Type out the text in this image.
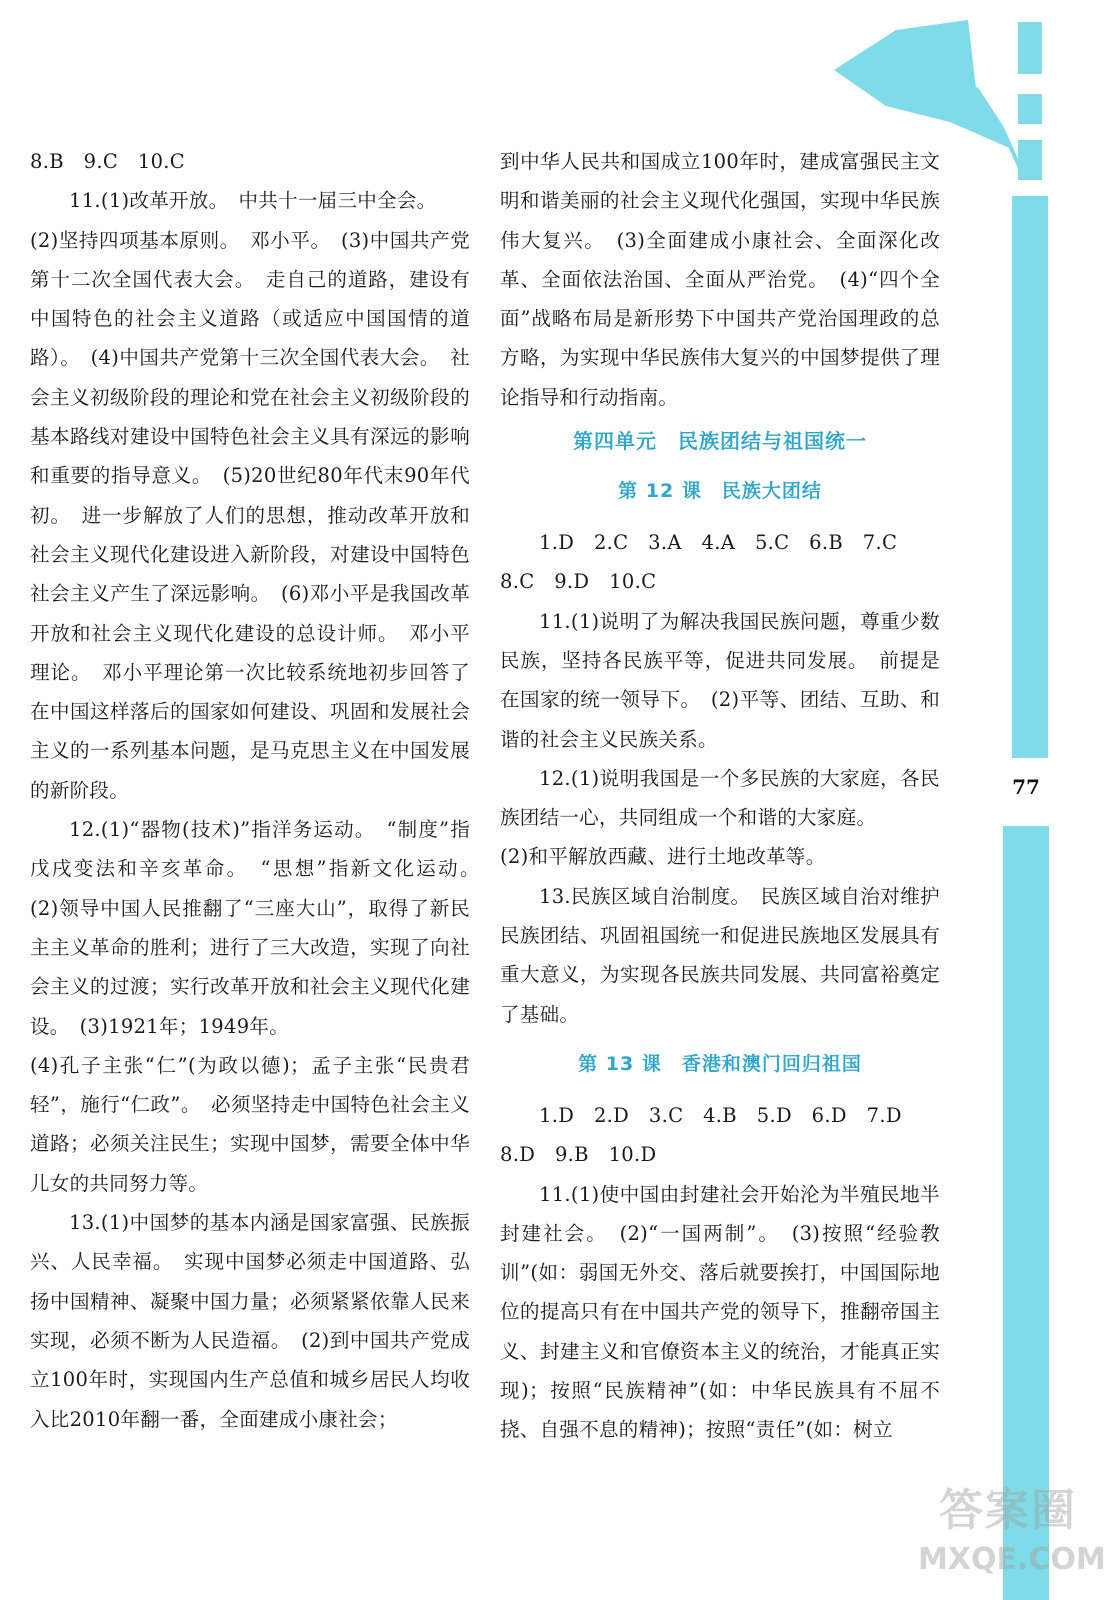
77

8.B　9.C　10.C

11.(1)改革开放。　中共十一届三中全会。

(2)坚持四项基本原则。　邓小平。　(3)中国共产党第十二次全国代表大会。　走自己的道路，建设有中国特色的社会主义道路（或适应中国国情的道路）。　(4)中国共产党第十三次全国代表大会。　社会主义初级阶段的理论和党在社会主义初级阶段的基本路线对建设中国特色社会主义具有深远的影响和重要的指导意义。　(5)20世纪80年代末90年代初。　进一步解放了人们的思想，推动改革开放和社会主义现代化建设进入新阶段，对建设中国特色社会主义产生了深远影响。　(6)邓小平是我国改革开放和社会主义现代化建设的总设计师。　邓小平理论。　邓小平理论第一次比较系统地初步回答了在中国这样落后的国家如何建设、巩固和发展社会主义的一系列基本问题，是马克思主义在中国发展的新阶段。

12.(1)“器物(技术)”指洋务运动。　“制度”指戊戌变法和辛亥革命。　“思想”指新文化运动。　(2)领导中国人民推翻了“三座大山”，取得了新民主主义革命的胜利；进行了三大改造，实现了向社会主义的过渡；实行改革开放和社会主义现代化建设。　(3)1921年；1949年。

(4)孔子主张“仁”(为政以德)；孟子主张“民贵君轻”，施行“仁政”。　必须坚持走中国特色社会主义道路；必须关注民生；实现中国梦，需要全体中华儿女的共同努力等。

13.(1)中国梦的基本内涵是国家富强、民族振兴、人民幸福。　实现中国梦必须走中国道路、弘扬中国精神、凝聚中国力量；必须紧紧依靠人民来实现，必须不断为人民造福。　(2)到中国共产党成立100年时，实现国内生产总值和城乡居民人均收入比2010年翻一番，全面建成小康社会；

到中华人民共和国成立100年时，建成富强民主文明和谐美丽的社会主义现代化强国，实现中华民族伟大复兴。　(3)全面建成小康社会、全面深化改革、全面依法治国、全面从严治党。　(4)“四个全面”战略布局是新形势下中国共产党治国理政的总方略，为实现中华民族伟大复兴的中国梦提供了理论指导和行动指南。

第四单元　民族团结与祖国统一

第 12 课　民族大团结

1.D　2.C　3.A　4.A　5.C　6.B　7.C

8.C　9.D　10.C

11.(1)说明了为解决我国民族问题，尊重少数民族，坚持各民族平等，促进共同发展。　前提是在国家的统一领导下。　(2)平等、团结、互助、和谐的社会主义民族关系。

12.(1)说明我国是一个多民族的大家庭，各民族团结一心，共同组成一个和谐的大家庭。

(2)和平解放西藏、进行土地改革等。

13.民族区域自治制度。　民族区域自治对维护民族团结、巩固祖国统一和促进民族地区发展具有重大意义，为实现各民族共同发展、共同富裕奠定了基础。

第 13 课　香港和澳门回归祖国

1.D　2.D　3.C　4.B　5.D　6.D　7.D

8.D　9.B　10.D

11.(1)使中国由封建社会开始沦为半殖民地半封建社会。　(2)“一国两制”。　(3)按照“经验教训”(如：弱国无外交、落后就要挨打，中国国际地位的提高只有在中国共产党的领导下，推翻帝国主义、封建主义和官僚资本主义的统治，才能真正实现)；按照“民族精神”(如：中华民族具有不屈不挠、自强不息的精神)；按照“责任”(如：树立

答案圈
MXQE.COM
